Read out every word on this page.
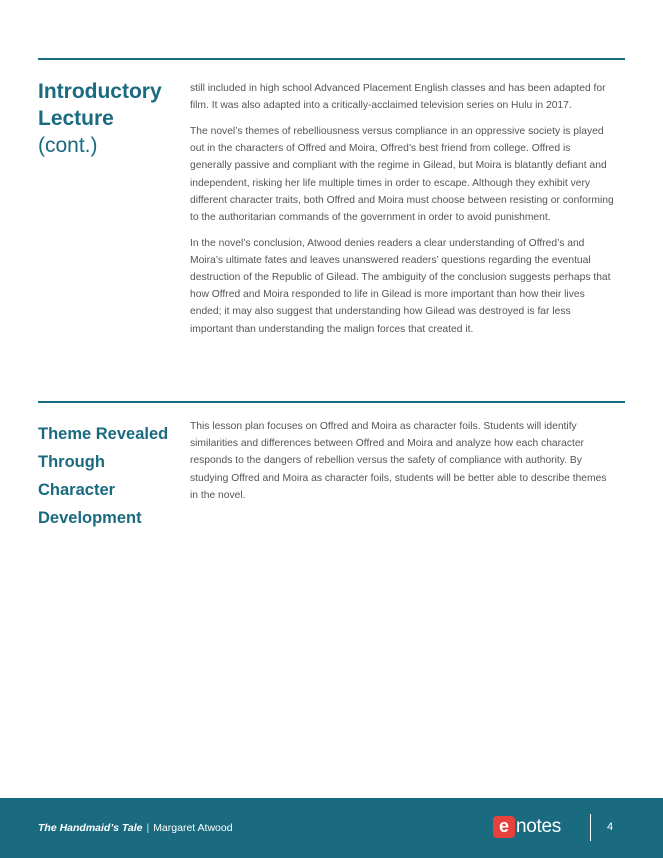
Introductory
Lecture
(cont.)

still included in high school Advanced Placement English classes and has been adapted for film. It was also adapted into a critically-acclaimed television series on Hulu in 2017.

The novel’s themes of rebelliousness versus compliance in an oppressive society is played out in the characters of Offred and Moira, Offred’s best friend from college. Offred is generally passive and compliant with the regime in Gilead, but Moira is blatantly defiant and independent, risking her life multiple times in order to escape. Although they exhibit very different character traits, both Offred and Moira must choose between resisting or conforming to the authoritarian commands of the government in order to avoid punishment.

In the novel’s conclusion, Atwood denies readers a clear understanding of Offred’s and Moira’s ultimate fates and leaves unanswered readers’ questions regarding the eventual destruction of the Republic of Gilead. The ambiguity of the conclusion suggests perhaps that how Offred and Moira responded to life in Gilead is more important than how their lives ended; it may also suggest that understanding how Gilead was destroyed is far less important than understanding the malign forces that created it.

Theme Revealed
Through
Character
Development

This lesson plan focuses on Offred and Moira as character foils. Students will identify similarities and differences between Offred and Moira and analyze how each character responds to the dangers of rebellion versus the safety of compliance with authority. By studying Offred and Moira as character foils, students will be better able to describe themes in the novel.

The Handmaid’s Tale | Margaret Atwood	e notes	4
